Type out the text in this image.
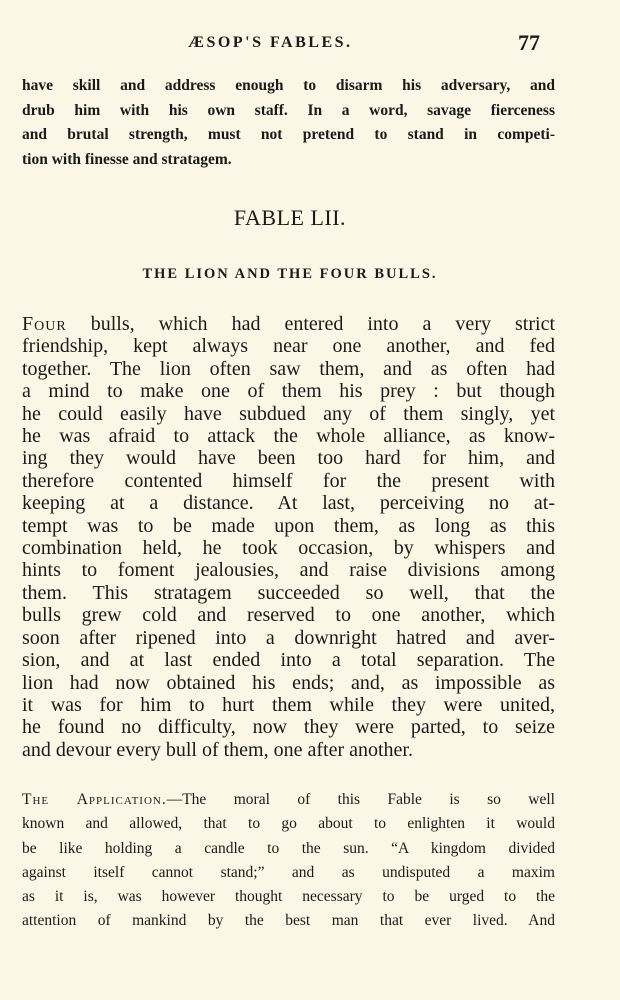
ÆSOP'S FABLES.	77
have skill and address enough to disarm his adversary, and
drub him with his own staff. In a word, savage fierceness
and brutal strength, must not pretend to stand in competi-
tion with finesse and stratagem.
FABLE LII.
THE LION AND THE FOUR BULLS.
Four bulls, which had entered into a very strict
friendship, kept always near one another, and fed
together. The lion often saw them, and as often had
a mind to make one of them his prey : but though
he could easily have subdued any of them singly, yet
he was afraid to attack the whole alliance, as know-
ing they would have been too hard for him, and
therefore contented himself for the present with
keeping at a distance. At last, perceiving no at-
tempt was to be made upon them, as long as this
combination held, he took occasion, by whispers and
hints to foment jealousies, and raise divisions among
them. This stratagem succeeded so well, that the
bulls grew cold and reserved to one another, which
soon after ripened into a downright hatred and aver-
sion, and at last ended into a total separation. The
lion had now obtained his ends; and, as impossible as
it was for him to hurt them while they were united,
he found no difficulty, now they were parted, to seize
and devour every bull of them, one after another.
The Application.—The moral of this Fable is so well
known and allowed, that to go about to enlighten it would
be like holding a candle to the sun. “A kingdom divided
against itself cannot stand;” and as undisputed a maxim
as it is, was however thought necessary to be urged to the
attention of mankind by the best man that ever lived. And
